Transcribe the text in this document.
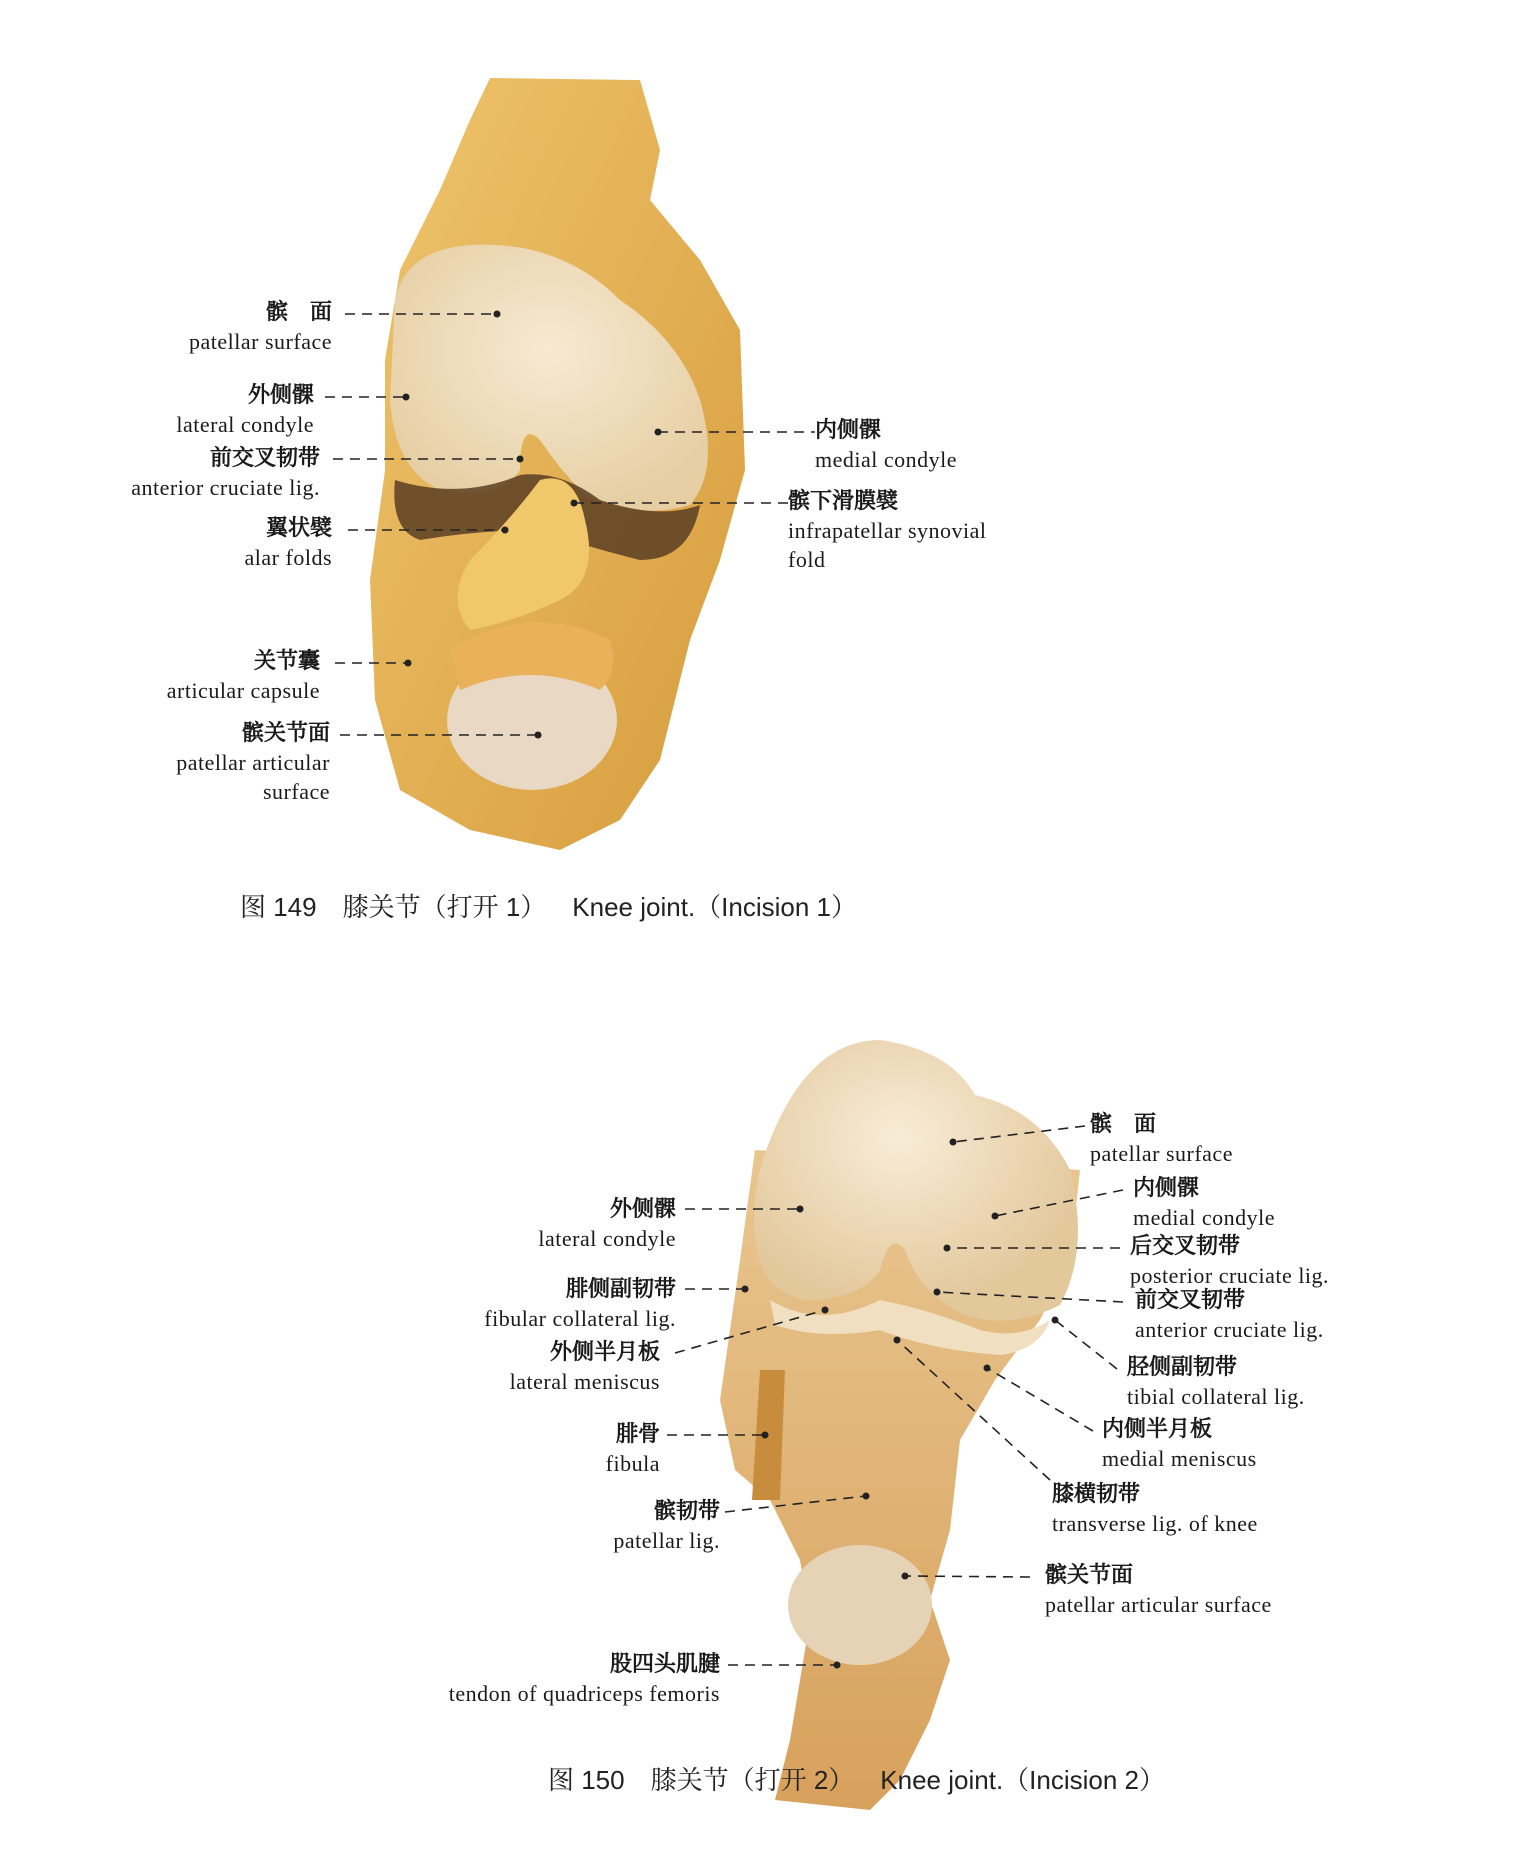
髌　面
patellar surface
外侧髁
lateral condyle
前交叉韧带
anterior cruciate lig.
翼状襞
alar folds
关节囊
articular capsule
髌关节面
patellar articular
surface
内侧髁
medial condyle
髌下滑膜襞
infrapatellar synovial
fold
图 149 膝关节（打开 1） Knee joint.（Incision 1）
外侧髁
lateral condyle
腓侧副韧带
fibular collateral lig.
外侧半月板
lateral meniscus
腓骨
fibula
髌韧带
patellar lig.
股四头肌腱
tendon of quadriceps femoris
髌　面
patellar surface
内侧髁
medial condyle
后交叉韧带
posterior cruciate lig.
前交叉韧带
anterior cruciate lig.
胫侧副韧带
tibial collateral lig.
内侧半月板
medial meniscus
膝横韧带
transverse lig. of knee
髌关节面
patellar articular surface
图 150 膝关节（打开 2） Knee joint.（Incision 2）
